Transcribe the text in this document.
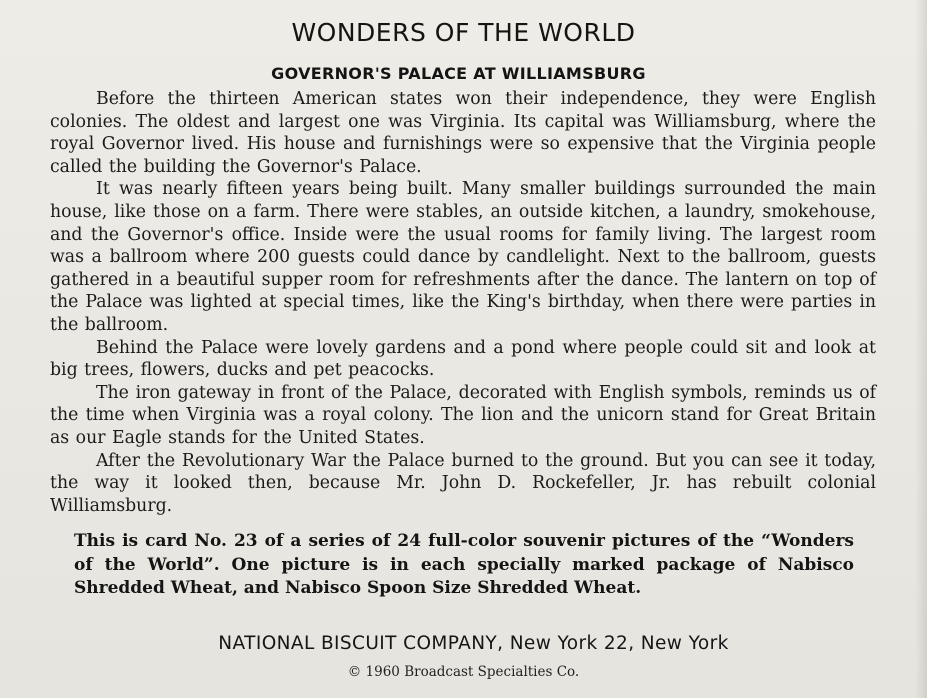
WONDERS OF THE WORLD
GOVERNOR'S PALACE AT WILLIAMSBURG

Before the thirteen American states won their independence, they were English colonies. The oldest and largest one was Virginia. Its capital was Williamsburg, where the royal Governor lived. His house and furnishings were so expensive that the Virginia people called the building the Governor's Palace.

It was nearly fifteen years being built. Many smaller buildings surrounded the main house, like those on a farm. There were stables, an outside kitchen, a laundry, smokehouse, and the Governor's office. Inside were the usual rooms for family living. The largest room was a ballroom where 200 guests could dance by candlelight. Next to the ballroom, guests gathered in a beautiful supper room for refreshments after the dance. The lantern on top of the Palace was lighted at special times, like the King's birthday, when there were parties in the ballroom.

Behind the Palace were lovely gardens and a pond where people could sit and look at big trees, flowers, ducks and pet peacocks.

The iron gateway in front of the Palace, decorated with English symbols, reminds us of the time when Virginia was a royal colony. The lion and the unicorn stand for Great Britain as our Eagle stands for the United States.

After the Revolutionary War the Palace burned to the ground. But you can see it today, the way it looked then, because Mr. John D. Rockefeller, Jr. has rebuilt colonial Williamsburg.

This is card No. 23 of a series of 24 full-color souvenir pictures of the “Wonders of the World”. One picture is in each specially marked package of Nabisco Shredded Wheat, and Nabisco Spoon Size Shredded Wheat.

NATIONAL BISCUIT COMPANY, New York 22, New York
© 1960 Broadcast Specialties Co.
